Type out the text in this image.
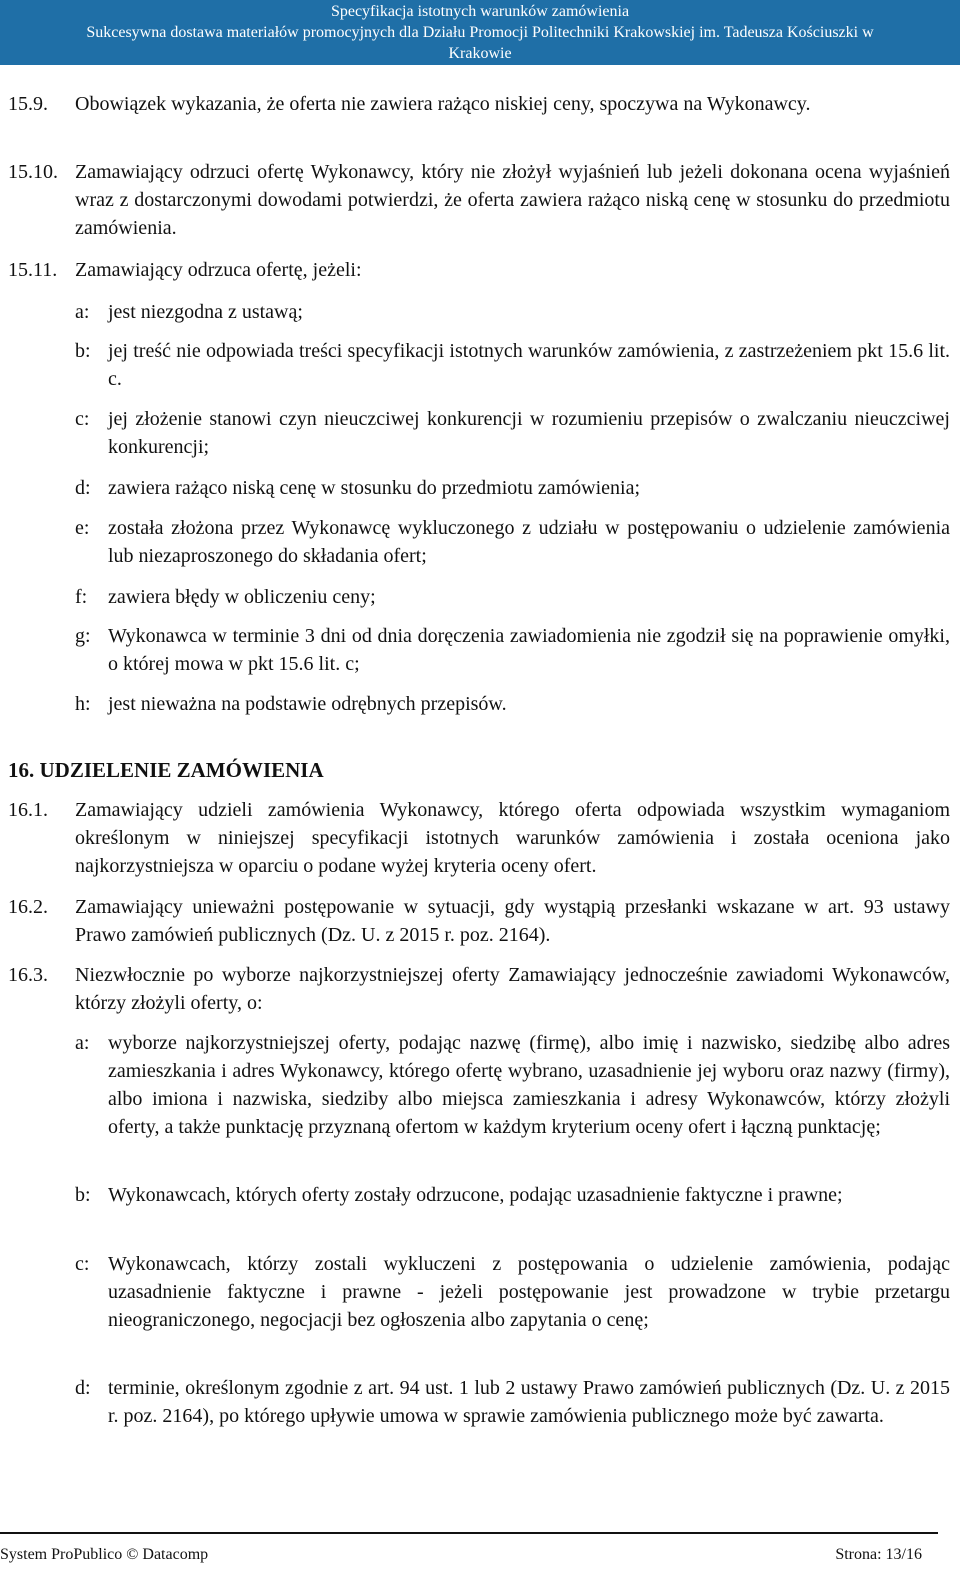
Specyfikacja istotnych warunków zamówienia
Sukcesywna dostawa materiałów promocyjnych dla Działu Promocji Politechniki Krakowskiej im. Tadeusza Kościuszki w
Krakowie
15.9. Obowiązek wykazania, że oferta nie zawiera rażąco niskiej ceny, spoczywa na Wykonawcy.
15.10. Zamawiający odrzuci ofertę Wykonawcy, który nie złożył wyjaśnień lub jeżeli dokonana ocena wyjaśnień wraz z dostarczonymi dowodami potwierdzi, że oferta zawiera rażąco niską cenę w stosunku do przedmiotu zamówienia.
15.11. Zamawiający odrzuca ofertę, jeżeli:
a: jest niezgodna z ustawą;
b: jej treść nie odpowiada treści specyfikacji istotnych warunków zamówienia, z zastrzeżeniem pkt 15.6 lit. c.
c: jej złożenie stanowi czyn nieuczciwej konkurencji w rozumieniu przepisów o zwalczaniu nieuczciwej konkurencji;
d: zawiera rażąco niską cenę w stosunku do przedmiotu zamówienia;
e: została złożona przez Wykonawcę wykluczonego z udziału w postępowaniu o udzielenie zamówienia lub niezaproszonego do składania ofert;
f: zawiera błędy w obliczeniu ceny;
g: Wykonawca w terminie 3 dni od dnia doręczenia zawiadomienia nie zgodził się na poprawienie omyłki, o której mowa w pkt 15.6 lit. c;
h: jest nieważna na podstawie odrębnych przepisów.
16. UDZIELENIE ZAMÓWIENIA
16.1. Zamawiający udzieli zamówienia Wykonawcy, którego oferta odpowiada wszystkim wymaganiom określonym w niniejszej specyfikacji istotnych warunków zamówienia i została oceniona jako najkorzystniejsza w oparciu o podane wyżej kryteria oceny ofert.
16.2. Zamawiający unieważni postępowanie w sytuacji, gdy wystąpią przesłanki wskazane w art. 93 ustawy Prawo zamówień publicznych (Dz. U. z 2015 r. poz. 2164).
16.3. Niezwłocznie po wyborze najkorzystniejszej oferty Zamawiający jednocześnie zawiadomi Wykonawców, którzy złożyli oferty, o:
a: wyborze najkorzystniejszej oferty, podając nazwę (firmę), albo imię i nazwisko, siedzibę albo adres zamieszkania i adres Wykonawcy, którego ofertę wybrano, uzasadnienie jej wyboru oraz nazwy (firmy), albo imiona i nazwiska, siedziby albo miejsca zamieszkania i adresy Wykonawców, którzy złożyli oferty, a także punktację przyznaną ofertom w każdym kryterium oceny ofert i łączną punktację;
b: Wykonawcach, których oferty zostały odrzucone, podając uzasadnienie faktyczne i prawne;
c: Wykonawcach, którzy zostali wykluczeni z postępowania o udzielenie zamówienia, podając uzasadnienie faktyczne i prawne - jeżeli postępowanie jest prowadzone w trybie przetargu nieograniczonego, negocjacji bez ogłoszenia albo zapytania o cenę;
d: terminie, określonym zgodnie z art. 94 ust. 1 lub 2 ustawy Prawo zamówień publicznych (Dz. U. z 2015 r. poz. 2164), po którego upływie umowa w sprawie zamówienia publicznego może być zawarta.
System ProPublico © Datacomp	Strona: 13/16
